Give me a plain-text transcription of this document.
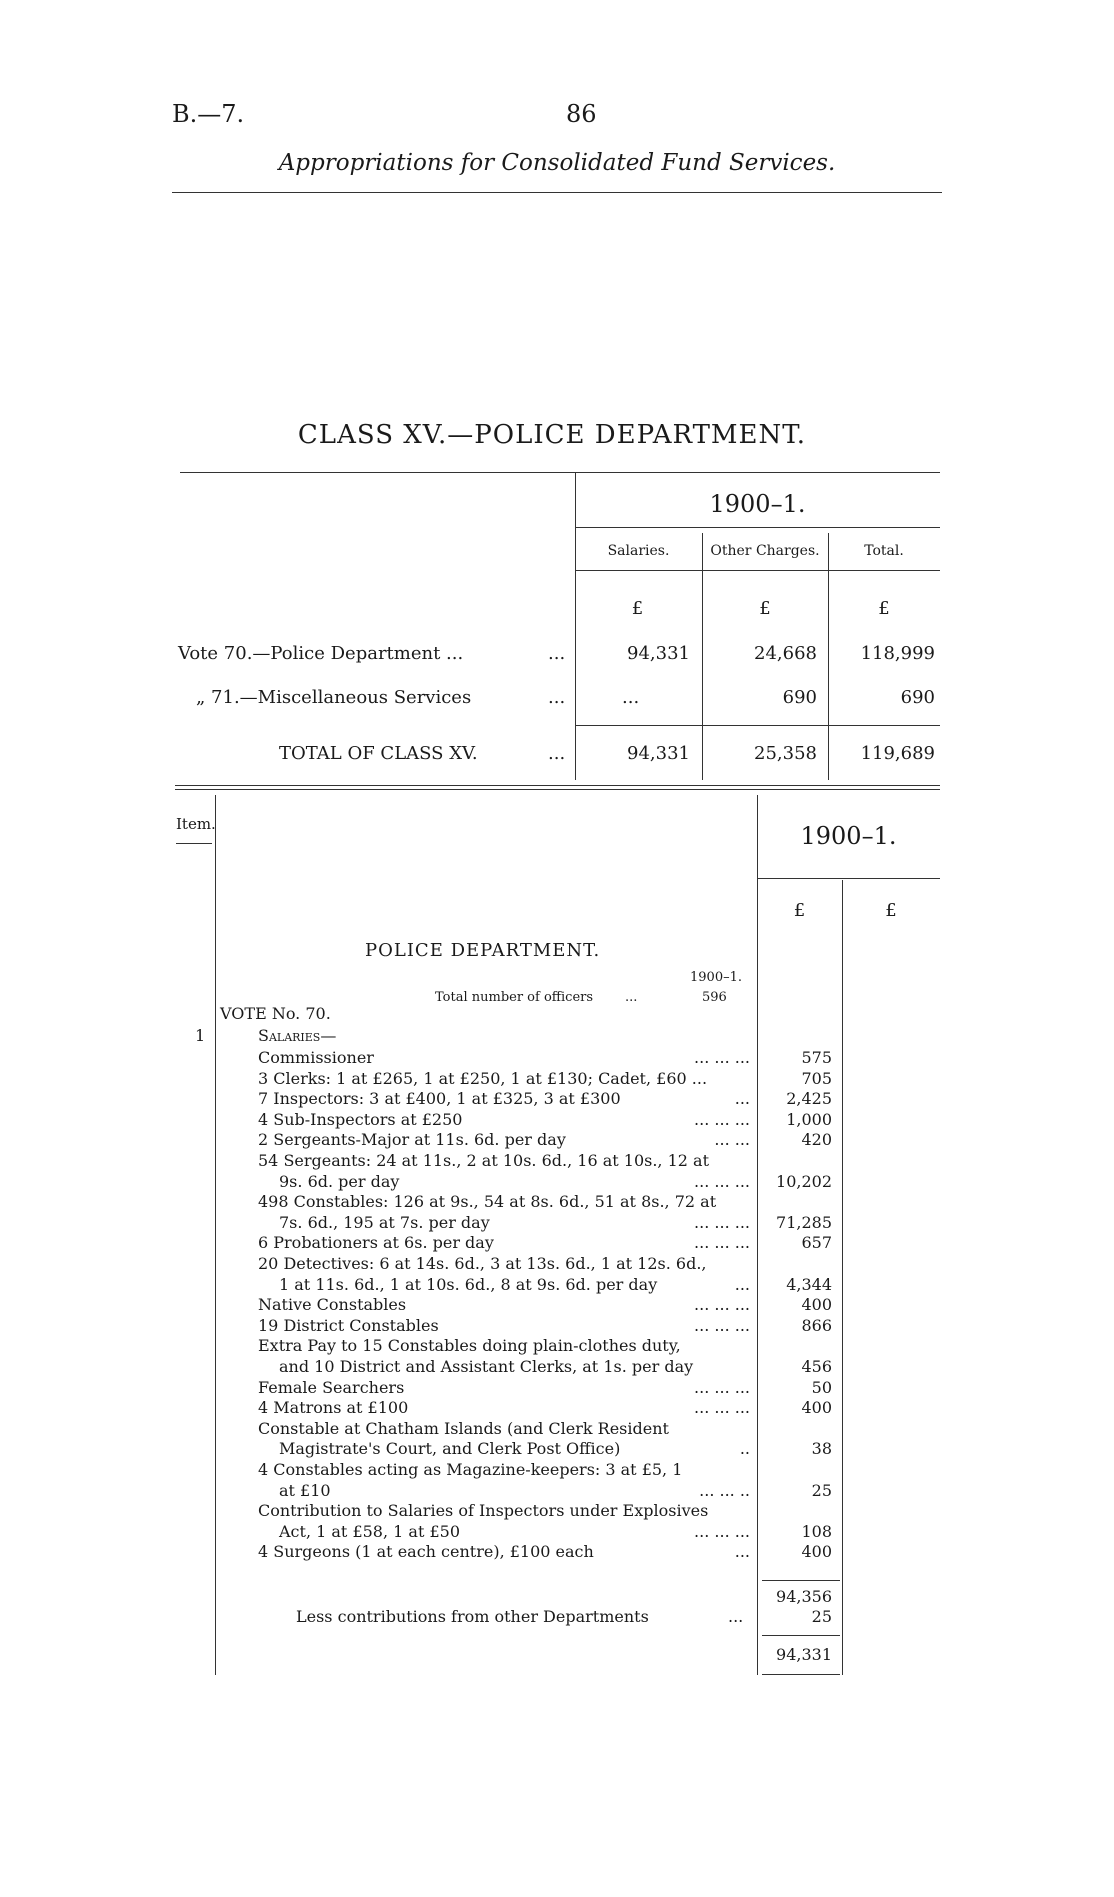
B.—7.	86
Appropriations for Consolidated Fund Services.
CLASS XV.—POLICE DEPARTMENT.
1900–1.
Salaries.	Other Charges.	Total.
£	£	£
Vote 70.—Police Department ...	...	94,331	24,668	118,999
„ 71.—Miscellaneous Services	...	...	690	690
TOTAL OF CLASS XV.	...	94,331	25,358	119,689
Item.	1900–1.
£	£
POLICE DEPARTMENT.
1900–1.
Total number of officers ...	596
VOTE No. 70.
1	Salaries—
Commissioner	... ... ...	575
3 Clerks: 1 at £265, 1 at £250, 1 at £130; Cadet, £60 ...	705
7 Inspectors: 3 at £400, 1 at £325, 3 at £300	...	2,425
4 Sub-Inspectors at £250	... ... ...	1,000
2 Sergeants-Major at 11s. 6d. per day	... ...	420
54 Sergeants: 24 at 11s., 2 at 10s. 6d., 16 at 10s., 12 at
9s. 6d. per day	... ... ...	10,202
498 Constables: 126 at 9s., 54 at 8s. 6d., 51 at 8s., 72 at
7s. 6d., 195 at 7s. per day	... ... ...	71,285
6 Probationers at 6s. per day	... ... ...	657
20 Detectives: 6 at 14s. 6d., 3 at 13s. 6d., 1 at 12s. 6d.,
1 at 11s. 6d., 1 at 10s. 6d., 8 at 9s. 6d. per day	...	4,344
Native Constables	... ... ...	400
19 District Constables	... ... ...	866
Extra Pay to 15 Constables doing plain-clothes duty,
and 10 District and Assistant Clerks, at 1s. per day	456
Female Searchers	... ... ...	50
4 Matrons at £100	... ... ...	400
Constable at Chatham Islands (and Clerk Resident
Magistrate's Court, and Clerk Post Office)	..	38
4 Constables acting as Magazine-keepers: 3 at £5, 1
at £10	... ... ..	25
Contribution to Salaries of Inspectors under Explosives
Act, 1 at £58, 1 at £50	... ... ...	108
4 Surgeons (1 at each centre), £100 each	...	400
94,356
Less contributions from other Departments	...	25
94,331
